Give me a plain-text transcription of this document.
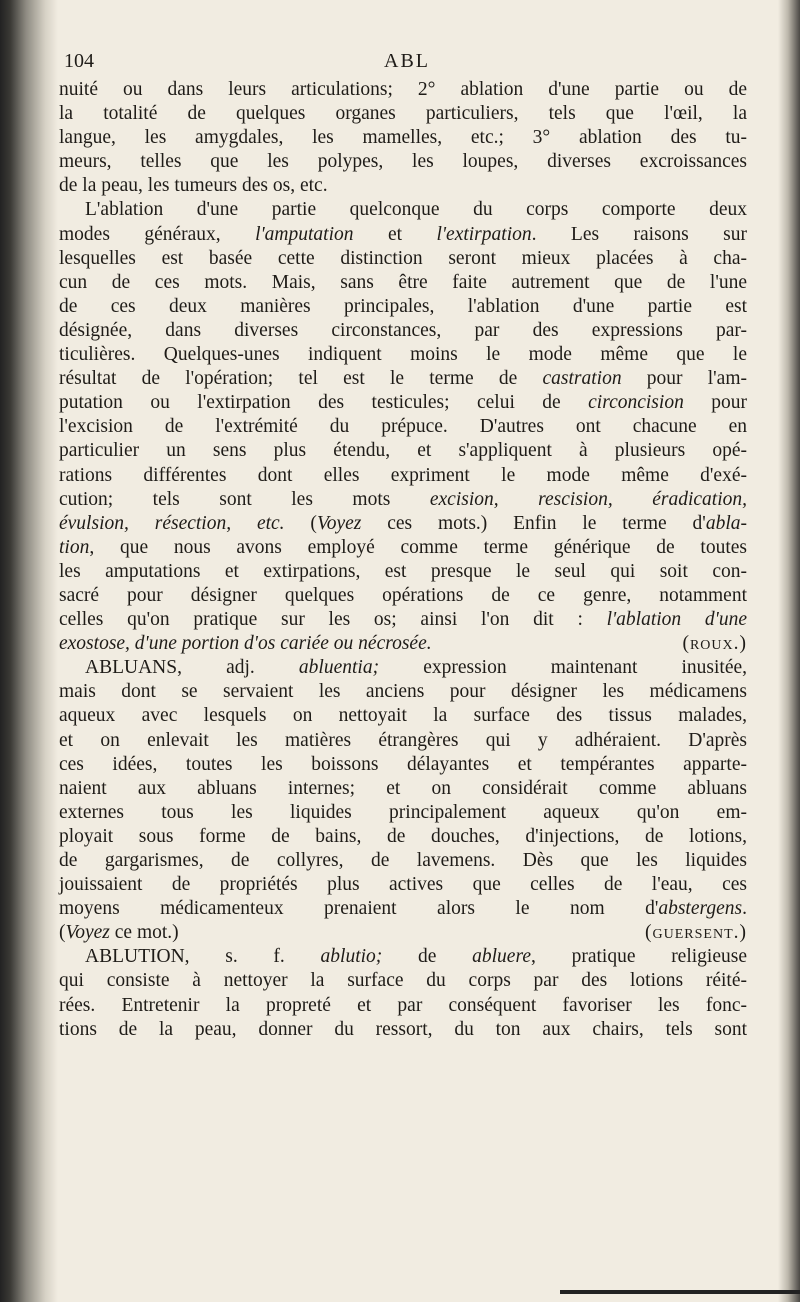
104	ABL
nuité ou dans leurs articulations; 2° ablation d'une partie ou de
la totalité de quelques organes particuliers, tels que l'œil, la
langue, les amygdales, les mamelles, etc.; 3° ablation des tu-
meurs, telles que les polypes, les loupes, diverses excroissances
de la peau, les tumeurs des os, etc.
L'ablation d'une partie quelconque du corps comporte deux
modes généraux, l'amputation et l'extirpation. Les raisons sur
lesquelles est basée cette distinction seront mieux placées à cha-
cun de ces mots. Mais, sans être faite autrement que de l'une
de ces deux manières principales, l'ablation d'une partie est
désignée, dans diverses circonstances, par des expressions par-
ticulières. Quelques-unes indiquent moins le mode même que le
résultat de l'opération; tel est le terme de castration pour l'am-
putation ou l'extirpation des testicules; celui de circoncision pour
l'excision de l'extrémité du prépuce. D'autres ont chacune en
particulier un sens plus étendu, et s'appliquent à plusieurs opé-
rations différentes dont elles expriment le mode même d'exé-
cution; tels sont les mots excision, rescision, éradication,
évulsion, résection, etc. (Voyez ces mots.) Enfin le terme d'abla-
tion, que nous avons employé comme terme générique de toutes
les amputations et extirpations, est presque le seul qui soit con-
sacré pour désigner quelques opérations de ce genre, notamment
celles qu'on pratique sur les os; ainsi l'on dit : l'ablation d'une
exostose, d'une portion d'os cariée ou nécrosée.	(roux.)
ABLUANS, adj. abluentia; expression maintenant inusitée,
mais dont se servaient les anciens pour désigner les médicamens
aqueux avec lesquels on nettoyait la surface des tissus malades,
et on enlevait les matières étrangères qui y adhéraient. D'après
ces idées, toutes les boissons délayantes et tempérantes apparte-
naient aux abluans internes; et on considérait comme abluans
externes tous les liquides principalement aqueux qu'on em-
ployait sous forme de bains, de douches, d'injections, de lotions,
de gargarismes, de collyres, de lavemens. Dès que les liquides
jouissaient de propriétés plus actives que celles de l'eau, ces
moyens médicamenteux prenaient alors le nom d'abstergens.
(Voyez ce mot.)	(guersent.)
ABLUTION, s. f. ablutio; de abluere, pratique religieuse
qui consiste à nettoyer la surface du corps par des lotions réité-
rées. Entretenir la propreté et par conséquent favoriser les fonc-
tions de la peau, donner du ressort, du ton aux chairs, tels sont
